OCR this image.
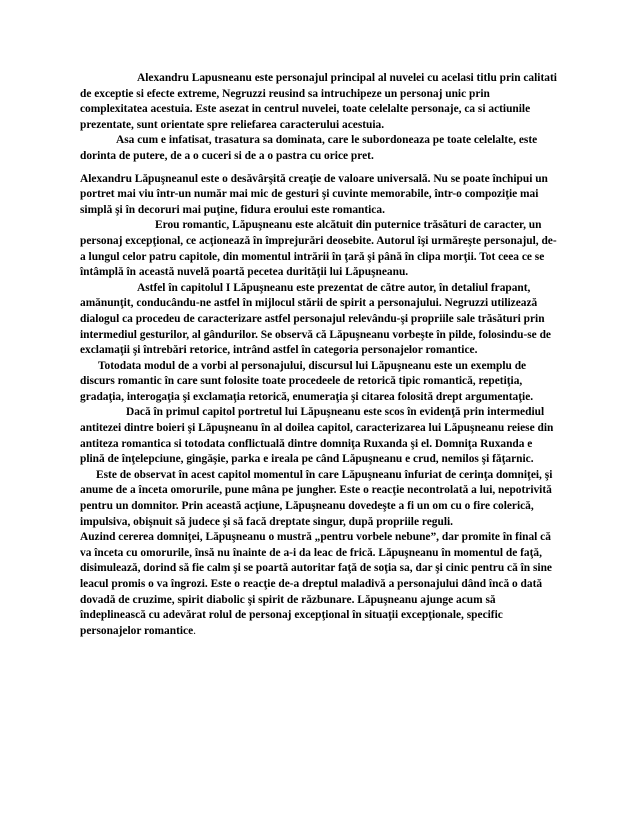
Alexandru Lapusneanu este personajul principal al nuvelei cu acelasi titlu prin calitati de exceptie si efecte extreme, Negruzzi reusind sa intruchipeze un personaj unic prin complexitatea acestuia. Este asezat in centrul nuvelei, toate celelalte personaje, ca si actiunile prezentate, sunt orientate spre reliefarea caracterului acestuia.

Asa cum e infatisat, trasatura sa dominata, care le subordoneaza pe toate celelalte, este dorinta de putere, de a o cuceri si de a o pastra cu orice pret.

Alexandru Lăpuşneanul este o desăvârşită creaţie de valoare universală. Nu se poate închipui un portret mai viu într-un număr mai mic de gesturi şi cuvinte memorabile, într-o compoziţie mai simplă şi în decoruri mai puţine, fidura eroului este romantica.

Erou romantic, Lăpuşneanu este alcătuit din puternice trăsături de caracter, un personaj excepţional, ce acţionează în împrejurări deosebite. Autorul îşi urmăreşte personajul, de-a lungul celor patru capitole, din momentul intrării în ţară şi până în clipa morţii. Tot ceea ce se întâmplă în această nuvelă poartă pecetea durităţii lui Lăpuşneanu.

Astfel în capitolul I Lăpuşneanu este prezentat de către autor, în detaliul frapant, amănunţit, conducându-ne astfel în mijlocul stării de spirit a personajului. Negruzzi utilizează dialogul ca procedeu de caracterizare astfel personajul relevându-şi propriile sale trăsături prin intermediul gesturilor, al gândurilor. Se observă că Lăpuşneanu vorbeşte în pilde, folosindu-se de exclamaţii şi întrebări retorice, intrând astfel în categoria personajelor romantice.

Totodata modul de a vorbi al personajului, discursul lui Lăpuşneanu este un exemplu de discurs romantic în care sunt folosite toate procedeele de retorică tipic romantică, repetiţia, gradaţia, interogaţia şi exclamaţia retorică, enumeraţia şi citarea folosită drept argumentaţie.

Dacă în primul capitol portretul lui Lăpuşneanu este scos în evidenţă prin intermediul antitezei dintre boieri şi Lăpuşneanu în al doilea capitol, caracterizarea lui Lăpuşneanu reiese din antiteza romantica si totodata conflictuală dintre domniţa Ruxanda şi el. Domniţa Ruxanda e plină de înţelepciune, gingăşie, parka e ireala pe când Lăpuşneanu e crud, nemilos şi făţarnic.

Este de observat în acest capitol momentul în care Lăpuşneanu înfuriat de cerinţa domniţei, şi anume de a înceta omorurile, pune mâna pe jungher. Este o reacţie necontrolată a lui, nepotrivită pentru un domnitor. Prin această acţiune, Lăpuşneanu dovedeşte a fi un om cu o fire colerică, impulsiva, obişnuit să judece şi să facă dreptate singur, după propriile reguli.

Auzind cererea domniţei, Lăpuşneanu o mustră „pentru vorbele nebune”, dar promite în final că va înceta cu omorurile, însă nu înainte de a-i da leac de frică. Lăpuşneanu în momentul de faţă, disimulează, dorind să fie calm şi se poartă autoritar faţă de soţia sa, dar şi cinic pentru că în sine leacul promis o va îngrozi. Este o reacţie de-a dreptul maladivă a personajului dând încă o dată dovadă de cruzime, spirit diabolic şi spirit de răzbunare. Lăpuşneanu ajunge acum să îndeplinească cu adevărat rolul de personaj excepţional în situaţii excepţionale, specific personajelor romantice.
